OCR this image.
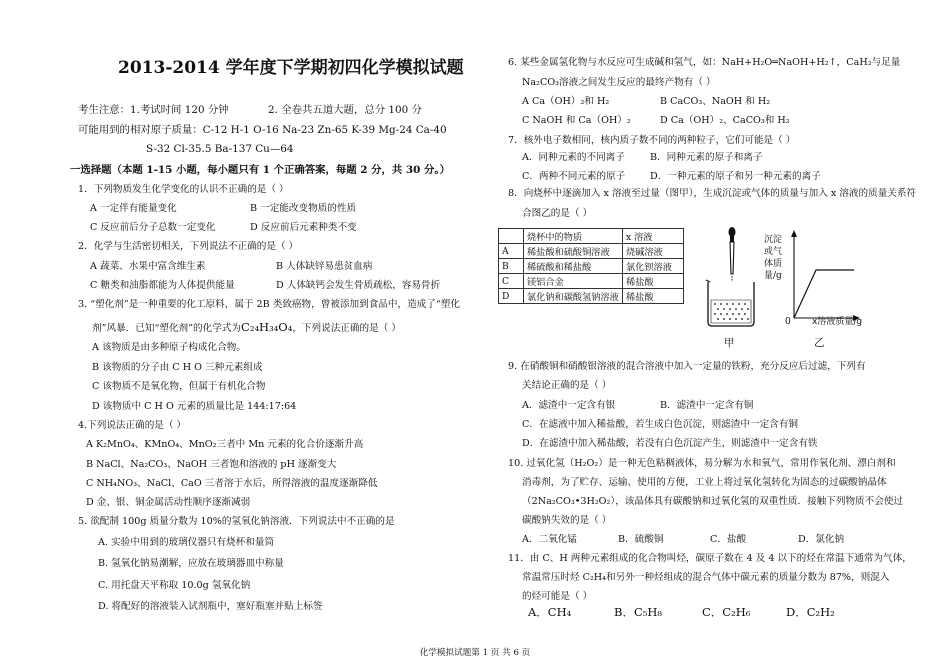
2013-2014 学年度下学期初四化学模拟试题
考生注意：1.考试时间 120 分钟	2. 全卷共五道大题，总分 100 分
可能用到的相对原子质量：C-12 H-1 O-16 Na-23 Zn-65 K-39 Mg-24 Ca-40
S-32 Cl-35.5 Ba-137 Cu—64
一选择题（本题 1-15 小题，每小题只有 1 个正确答案，每题 2 分，共 30 分。）
1．下列物质发生化学变化的认识不正确的是（ ）
A 一定伴有能量变化	B 一定能改变物质的性质
C 反应前后分子总数一定变化	D 反应前后元素种类不变
2．化学与生活密切相关，下列说法不正确的是（ ）
A 蔬菜、水果中富含维生素	B 人体缺锌易患贫血病
C 糖类和油脂都能为人体提供能量	D 人体缺钙会发生骨质疏松，容易骨折
3. “塑化剂”是一种重要的化工原料，属于 2B 类致癌物，曾被添加到食品中，造成了“塑化
剂”风暴．已知“塑化剂”的化学式为C₂₄H₃₄O₄，下列说法正确的是（ ）
A 该物质是由多种原子构成化合物。
B 该物质的分子由 C H O 三种元素组成
C 该物质不是氧化物，但属于有机化合物
D 该物质中 C H O 元素的质量比是 144:17:64
4.下列说法正确的是（ ）
A K₂MnO₄、KMnO₄、MnO₂三者中 Mn 元素的化合价逐渐升高
B NaCl、Na₂CO₃、NaOH 三者饱和溶液的 pH 逐渐变大
C NH₄NO₃、NaCl、CaO 三者溶于水后，所得溶液的温度逐渐降低
D 金、银、铜金属活动性顺序逐渐减弱
5. 欲配制 100g 质量分数为 10%的氢氧化钠溶液．下列说法中不正确的是
A. 实验中用到的玻璃仪器只有烧杯和量筒
B. 氢氧化钠易潮解，应放在玻璃器皿中称量
C. 用托盘天平称取 10.0g 氢氧化钠
D. 将配好的溶液装入试剂瓶中，塞好瓶塞并贴上标签
6. 某些金属氢化物与水反应可生成碱和氢气，如：NaH+H₂O═NaOH+H₂↑，CaH₂与足量
Na₂CO₃溶液之间发生反应的最终产物有（ ）
A Ca（OH）₂和 H₂	B CaCO₃、NaOH 和 H₂
C NaOH 和 Ca（OH）₂	D Ca（OH）₂、CaCO₃和 H₂
7．核外电子数相同，核内质子数不同的两种粒子，它们可能是（ ）
A．同种元素的不同离子	B．同种元素的原子和离子
C．两种不同元素的原子	D．一种元素的原子和另一种元素的离子
8．向烧杯中逐滴加入 x 溶液至过量（图甲），生成沉淀或气体的质量与加入 x 溶液的质量关系符
合图乙的是（ ）
	烧杯中的物质	x 溶液
A	稀盐酸和硫酸铜溶液	烧碱溶液
B	稀硫酸和稀盐酸	氯化钡溶液
C	镁铝合金	稀盐酸
D	氯化钠和碳酸氢钠溶液	稀盐酸
沉淀
或气
体质
量/g
0 x溶液质量/g
甲	乙
9. 在硝酸铜和硝酸银溶液的混合溶液中加入一定量的铁粉，充分反应后过滤，下列有
关结论正确的是（ ）
A．滤渣中一定含有银	B．滤渣中一定含有铜
C．在滤液中加入稀盐酸，若生成白色沉淀，则滤渣中一定含有铜
D．在滤渣中加入稀盐酸，若没有白色沉淀产生，则滤渣中一定含有铁
10. 过氧化氢（H₂O₂）是一种无色粘稠液体，易分解为水和氧气，常用作氧化剂、漂白剂和
消毒剂，为了贮存、运输、使用的方便，工业上将过氧化氢转化为固态的过碳酸钠晶体
（2Na₂CO₃•3H₂O₂），该晶体具有碳酸钠和过氧化氢的双重性质．接触下列物质不会使过
碳酸钠失效的是（ ）
A．二氧化锰	B．硫酸铜	C．盐酸	D．氯化钠
11．由 C、H 两种元素组成的化合物叫烃，碳原子数在 4 及 4 以下的烃在常温下通常为气体，
常温常压时烃 C₂H₄和另外一种烃组成的混合气体中碳元素的质量分数为 87%，则混入
的烃可能是（ ）
A．CH₄	B．C₅H₈	C．C₂H₆	D．C₂H₂
化学模拟试题第 1 页 共 6 页
